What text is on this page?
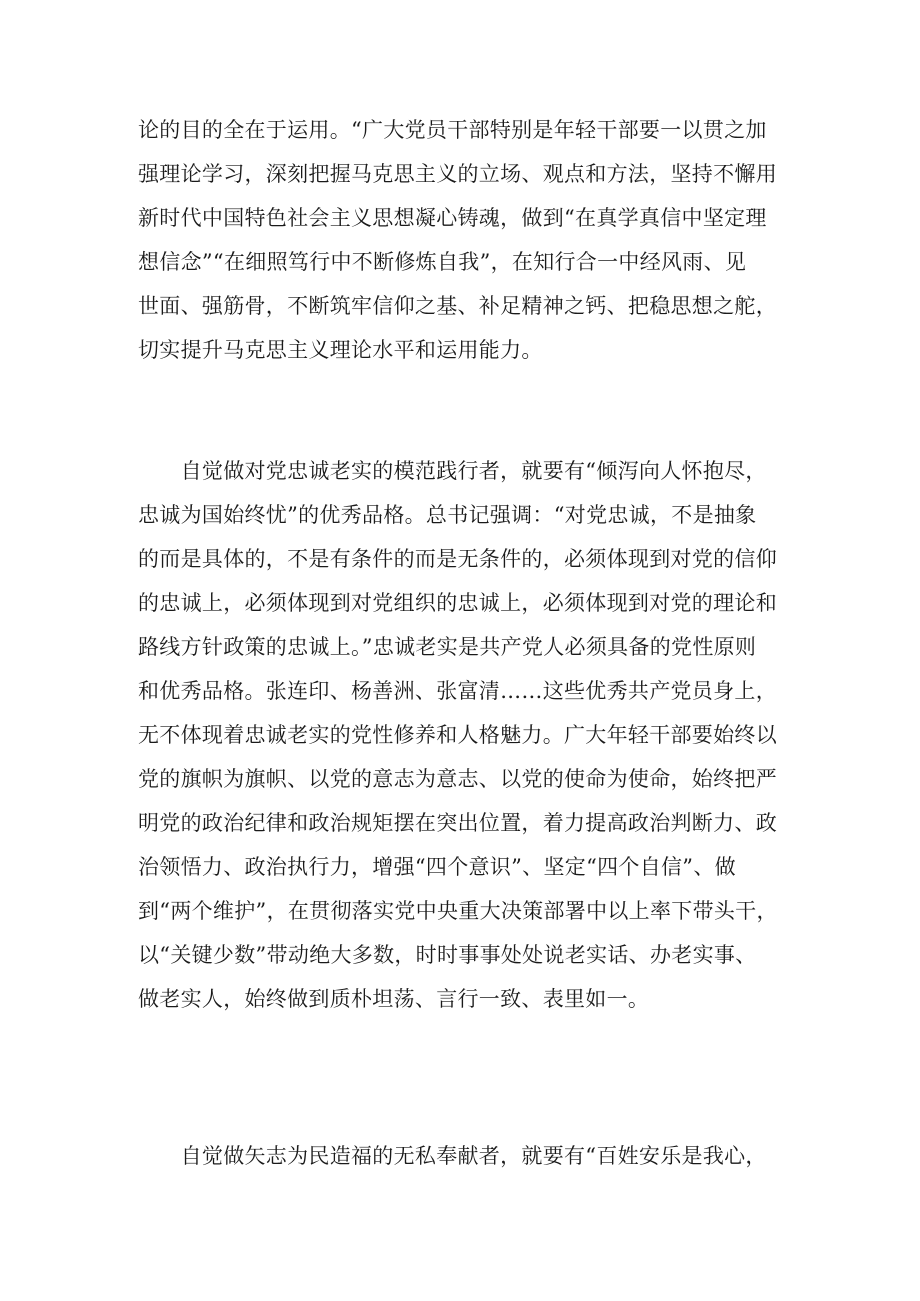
论的目的全在于运用。“广大党员干部特别是年轻干部要一以贯之加
强理论学习，深刻把握马克思主义的立场、观点和方法，坚持不懈用
新时代中国特色社会主义思想凝心铸魂，做到“在真学真信中坚定理
想信念”“在细照笃行中不断修炼自我”，在知行合一中经风雨、见
世面、强筋骨，不断筑牢信仰之基、补足精神之钙、把稳思想之舵，
切实提升马克思主义理论水平和运用能力。
　　自觉做对党忠诚老实的模范践行者，就要有“倾泻向人怀抱尽，
忠诚为国始终忧”的优秀品格。总书记强调：“对党忠诚，不是抽象
的而是具体的，不是有条件的而是无条件的，必须体现到对党的信仰
的忠诚上，必须体现到对党组织的忠诚上，必须体现到对党的理论和
路线方针政策的忠诚上。”忠诚老实是共产党人必须具备的党性原则
和优秀品格。张连印、杨善洲、张富清……这些优秀共产党员身上，
无不体现着忠诚老实的党性修养和人格魅力。广大年轻干部要始终以
党的旗帜为旗帜、以党的意志为意志、以党的使命为使命，始终把严
明党的政治纪律和政治规矩摆在突出位置，着力提高政治判断力、政
治领悟力、政治执行力，增强“四个意识”、坚定“四个自信”、做
到“两个维护”，在贯彻落实党中央重大决策部署中以上率下带头干，
以“关键少数”带动绝大多数，时时事事处处说老实话、办老实事、
做老实人，始终做到质朴坦荡、言行一致、表里如一。
　　自觉做矢志为民造福的无私奉献者，就要有“百姓安乐是我心，
